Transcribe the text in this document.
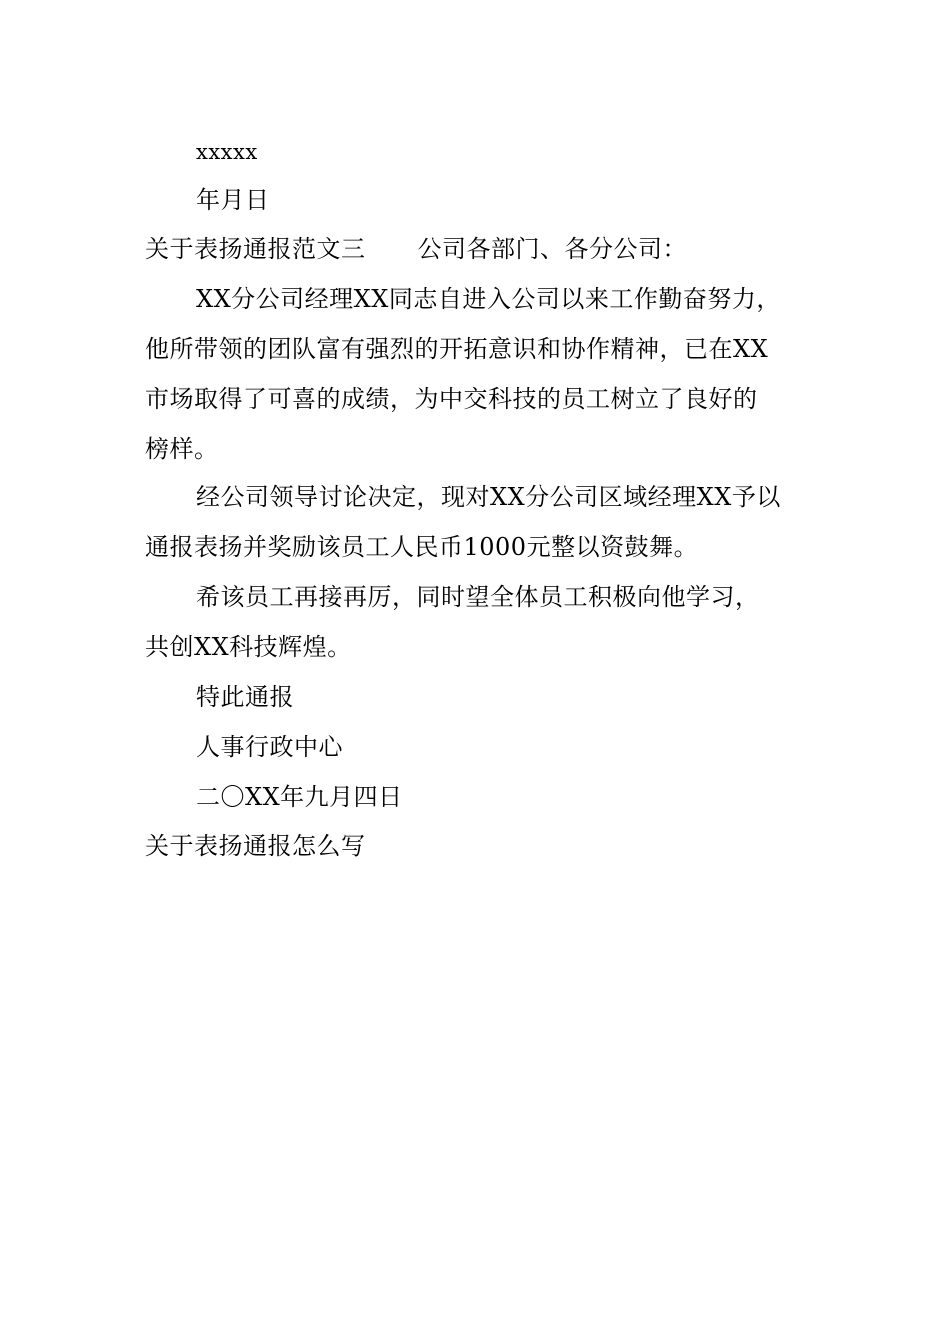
xxxxx
年月日
关于表扬通报范文三 公司各部门、各分公司：
XX分公司经理XX同志自进入公司以来工作勤奋努力，
他所带领的团队富有强烈的开拓意识和协作精神，已在XX
市场取得了可喜的成绩，为中交科技的员工树立了良好的
榜样。
经公司领导讨论决定，现对XX分公司区域经理XX予以
通报表扬并奖励该员工人民币1000元整以资鼓舞。
希该员工再接再厉，同时望全体员工积极向他学习，
共创XX科技辉煌。
特此通报
人事行政中心
二〇XX年九月四日
关于表扬通报怎么写
